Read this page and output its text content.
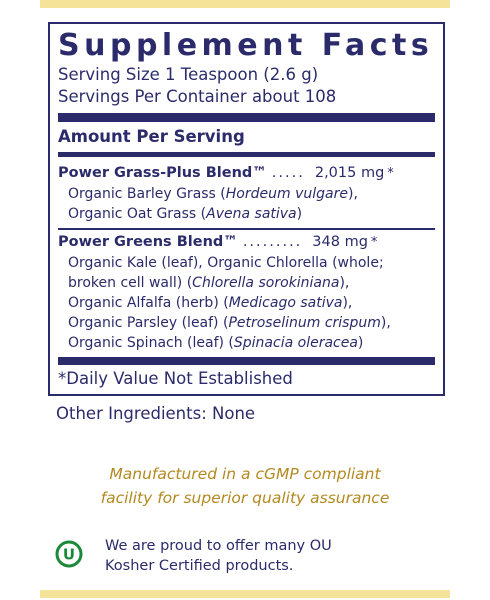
Supplement Facts
Serving Size 1 Teaspoon (2.6 g)
Servings Per Container about 108
Amount Per Serving
Power Grass-Plus Blend™ ..... 2,015 mg *
Organic Barley Grass (Hordeum vulgare),
Organic Oat Grass (Avena sativa)
Power Greens Blend™ ......... 348 mg *
Organic Kale (leaf), Organic Chlorella (whole;
broken cell wall) (Chlorella sorokiniana),
Organic Alfalfa (herb) (Medicago sativa),
Organic Parsley (leaf) (Petroselinum crispum),
Organic Spinach (leaf) (Spinacia oleracea)
*Daily Value Not Established
Other Ingredients: None
Manufactured in a cGMP compliant
facility for superior quality assurance
U We are proud to offer many OU
Kosher Certified products.
